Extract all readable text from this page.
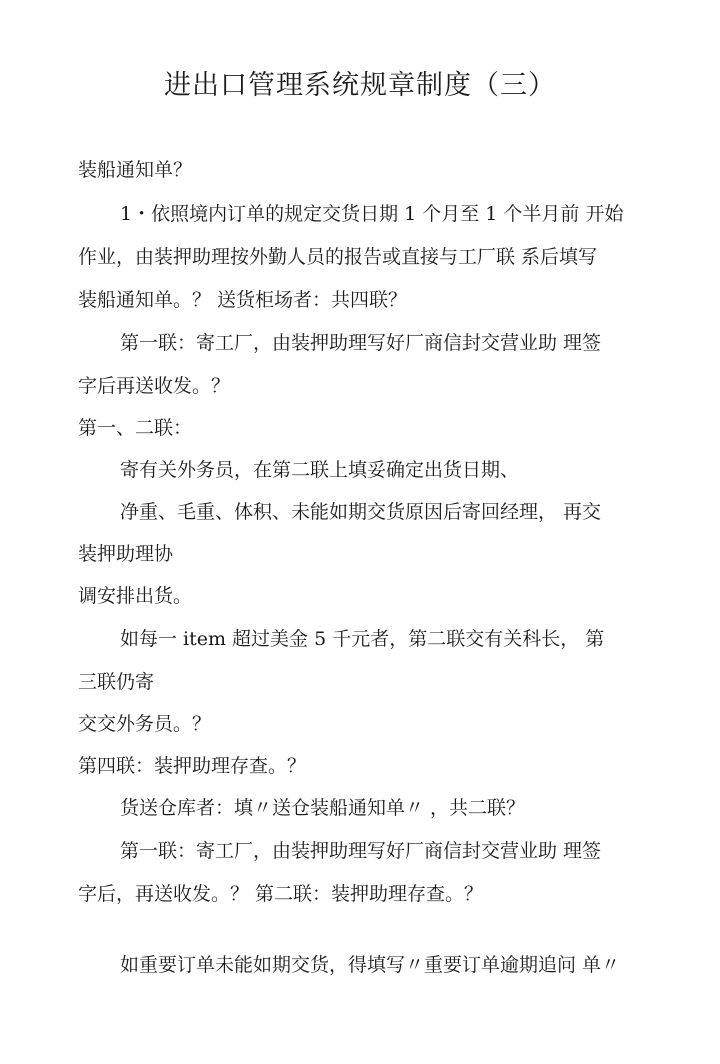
进出口管理系统规章制度（三）

装船通知单？

1・依照境内订单的规定交货日期 1 个月至 1 个半月前 开始

作业，由装押助理按外勤人员的报告或直接与工厂联 系后填写

装船通知单。？ 送货柜场者：共四联？

第一联：寄工厂，由装押助理写好厂商信封交营业助 理签

字后再送收发。？

第一、二联：

寄有关外务员，在第二联上填妥确定出货日期、

净重、毛重、体积、未能如期交货原因后寄回经理， 再交

装押助理协

调安排出货。

如每一 item 超过美金 5 千元者，第二联交有关科长， 第

三联仍寄

交交外务员。？

第四联：装押助理存查。？

货送仓库者：填〃送仓装船通知单〃 ，共二联？

第一联：寄工厂，由装押助理写好厂商信封交营业助 理签

字后，再送收发。？ 第二联：装押助理存查。？

如重要订单未能如期交货，得填写〃重要订单逾期追问 单〃
